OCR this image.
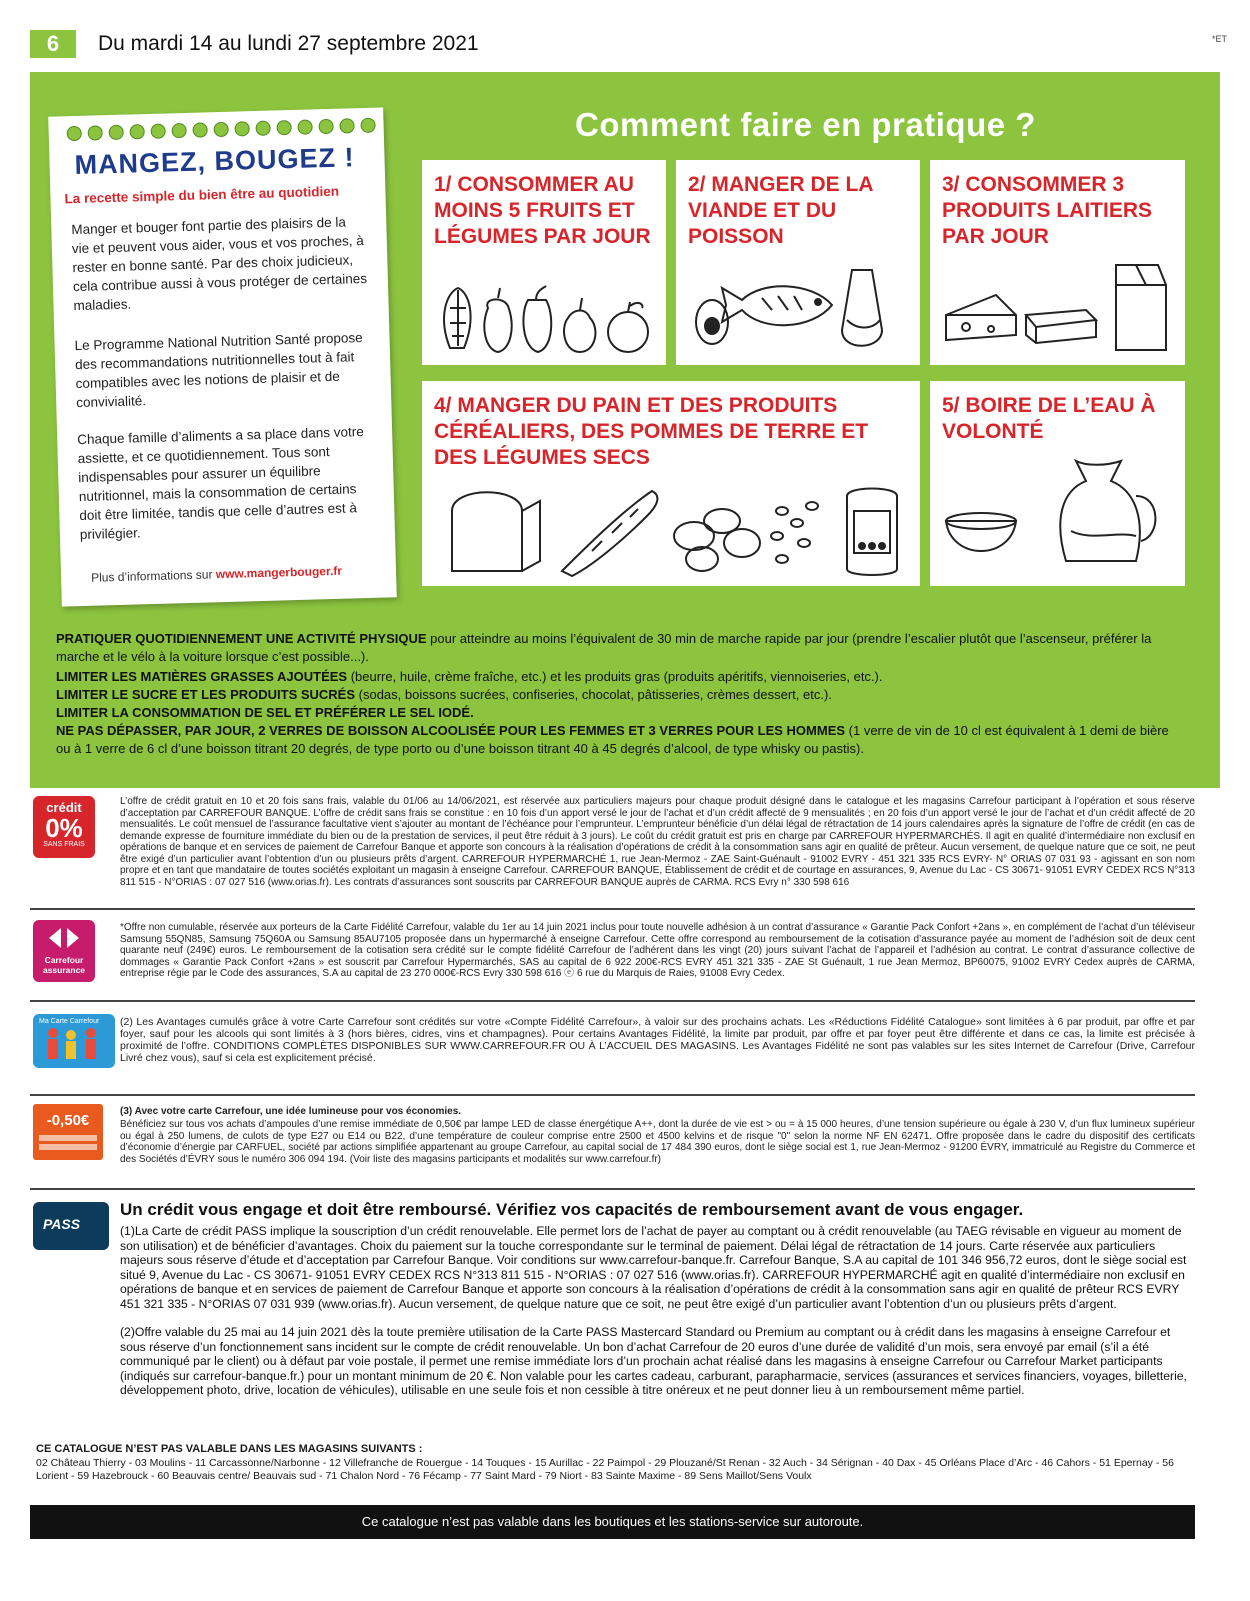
6	Du mardi 14 au lundi 27 septembre 2021	*ET
Comment faire en pratique ?
MANGEZ, BOUGEZ !
La recette simple du bien être au quotidien
Manger et bouger font partie des plaisirs de la vie et peuvent vous aider, vous et vos proches, à rester en bonne santé. Par des choix judicieux, cela contribue aussi à vous protéger de certaines maladies.
Le Programme National Nutrition Santé propose des recommandations nutritionnelles tout à fait compatibles avec les notions de plaisir et de convivialité.
Chaque famille d’aliments a sa place dans votre assiette, et ce quotidiennement. Tous sont indispensables pour assurer un équilibre nutritionnel, mais la consommation de certains doit être limitée, tandis que celle d’autres est à privilégier.
Plus d’informations sur www.mangerbouger.fr
1/ CONSOMMER AU MOINS 5 FRUITS ET LÉGUMES PAR JOUR
2/ MANGER DE LA VIANDE ET DU POISSON
3/ CONSOMMER 3 PRODUITS LAITIERS PAR JOUR
4/ MANGER DU PAIN ET DES PRODUITS CÉRÉALIERS, DES POMMES DE TERRE ET DES LÉGUMES SECS
5/ BOIRE DE L’EAU À VOLONTÉ
PRATIQUER QUOTIDIENNEMENT UNE ACTIVITÉ PHYSIQUE pour atteindre au moins l’équivalent de 30 min de marche rapide par jour (prendre l’escalier plutôt que l’ascenseur, préférer la marche et le vélo à la voiture lorsque c’est possible...).
LIMITER LES MATIÈRES GRASSES AJOUTÉES (beurre, huile, crème fraîche, etc.) et les produits gras (produits apéritifs, viennoiseries, etc.).
LIMITER LE SUCRE ET LES PRODUITS SUCRÉS (sodas, boissons sucrées, confiseries, chocolat, pâtisseries, crèmes dessert, etc.).
LIMITER LA CONSOMMATION DE SEL ET PRÉFÉRER LE SEL IODÉ.
NE PAS DÉPASSER, PAR JOUR, 2 VERRES DE BOISSON ALCOOLISÉE POUR LES FEMMES ET 3 VERRES POUR LES HOMMES (1 verre de vin de 10 cl est équivalent à 1 demi de bière ou à 1 verre de 6 cl d’une boisson titrant 20 degrés, de type porto ou d’une boisson titrant 40 à 45 degrés d’alcool, de type whisky ou pastis).
crédit
0%
SANS FRAIS
L’offre de crédit gratuit en 10 et 20 fois sans frais, valable du 01/06 au 14/06/2021, est réservée aux particuliers majeurs pour chaque produit désigné dans le catalogue et les magasins Carrefour participant à l’opération et sous réserve d’acceptation par CARREFOUR BANQUE. L’offre de crédit sans frais se constitue : en 10 fois d’un apport versé le jour de l’achat et d’un crédit affecté de 9 mensualités ; en 20 fois d’un apport versé le jour de l’achat et d’un crédit affecté de 20 mensualités. Le coût mensuel de l’assurance facultative vient s’ajouter au montant de l’échéance pour l’emprunteur. L’emprunteur bénéficie d’un délai légal de rétractation de 14 jours calendaires après la signature de l’offre de crédit (en cas de demande expresse de fourniture immédiate du bien ou de la prestation de services, il peut être réduit à 3 jours). Le coût du crédit gratuit est pris en charge par CARREFOUR HYPERMARCHÉS. Il agit en qualité d’intermédiaire non exclusif en opérations de banque et en services de paiement de Carrefour Banque et apporte son concours à la réalisation d’opérations de crédit à la consommation sans agir en qualité de prêteur. Aucun versement, de quelque nature que ce soit, ne peut être exigé d’un particulier avant l’obtention d’un ou plusieurs prêts d’argent. CARREFOUR HYPERMARCHÉ 1, rue Jean-Mermoz - ZAE Saint-Guénault - 91002 EVRY - 451 321 335 RCS EVRY- N° ORIAS 07 031 93 - agissant en son nom propre et en tant que mandataire de toutes sociétés exploitant un magasin à enseigne Carrefour. CARREFOUR BANQUE, Établissement de crédit et de courtage en assurances, 9, Avenue du Lac - CS 30671- 91051 EVRY CEDEX RCS N°313 811 515 - N°ORIAS : 07 027 516 (www.orias.fr). Les contrats d’assurances sont souscrits par CARREFOUR BANQUE auprès de CARMA. RCS Evry n° 330 598 616
Carrefour assurance
*Offre non cumulable, réservée aux porteurs de la Carte Fidélité Carrefour, valable du 1er au 14 juin 2021 inclus pour toute nouvelle adhésion à un contrat d’assurance « Garantie Pack Confort +2ans », en complément de l’achat d’un téléviseur Samsung 55QN85, Samsung 75Q60A ou Samsung 85AU7105 proposée dans un hypermarché à enseigne Carrefour. Cette offre correspond au remboursement de la cotisation d’assurance payée au moment de l’adhésion soit de deux cent quarante neuf (249€) euros. Le remboursement de la cotisation sera crédité sur le compte fidélité Carrefour de l’adhérent dans les vingt (20) jours suivant l’achat de l’appareil et l’adhésion au contrat. Le contrat d’assurance collective de dommages « Garantie Pack Confort +2ans » est souscrit par Carrefour Hypermarchés, SAS au capital de 6 922 200€-RCS EVRY 451 321 335 - ZAE St Guénault, 1 rue Jean Mermoz, BP60075, 91002 EVRY Cedex auprès de CARMA, entreprise régie par le Code des assurances, S.A au capital de 23 270 000€-RCS Evry 330 598 616 ⓔ 6 rue du Marquis de Raies, 91008 Evry Cedex.
Ma Carte Carrefour	(2) Les Avantages cumulés grâce à votre Carte Carrefour sont crédités sur votre «Compte Fidélité Carrefour», à valoir sur des prochains achats. Les «Réductions Fidélité Catalogue» sont limitées à 6 par produit, par offre et par foyer, sauf pour les alcools qui sont limités à 3 (hors bières, cidres, vins et champagnes). Pour certains Avantages Fidélité, la limite par produit, par offre et par foyer peut être différente et dans ce cas, la limite est précisée à proximité de l’offre. CONDITIONS COMPLÈTES DISPONIBLES SUR WWW.CARREFOUR.FR OU À L’ACCUEIL DES MAGASINS. Les Avantages Fidélité ne sont pas valables sur les sites Internet de Carrefour (Drive, Carrefour Livré chez vous), sauf si cela est explicitement précisé.
-0,50€
(3) Avec votre carte Carrefour, une idée lumineuse pour vos économies.
Bénéficiez sur tous vos achats d’ampoules d’une remise immédiate de 0,50€ par lampe LED de classe énergétique A++, dont la durée de vie est > ou = à 15 000 heures, d’une tension supérieure ou égale à 230 V, d’un flux lumineux supérieur ou égal à 250 lumens, de culots de type E27 ou E14 ou B22, d’une température de couleur comprise entre 2500 et 4500 kelvins et de risque "0" selon la norme NF EN 62471. Offre proposée dans le cadre du dispositif des certificats d’économie d’énergie par CARFUEL, société par actions simplifiée appartenant au groupe Carrefour, au capital social de 17 484 390 euros, dont le siège social est 1, rue Jean-Mermoz - 91200 ÉVRY, immatriculé au Registre du Commerce et des Sociétés d’ÉVRY sous le numéro 306 094 194. (Voir liste des magasins participants et modalités sur www.carrefour.fr)
PASS
Un crédit vous engage et doit être remboursé. Vérifiez vos capacités de remboursement avant de vous engager.
(1)La Carte de crédit PASS implique la souscription d’un crédit renouvelable. Elle permet lors de l’achat de payer au comptant ou à crédit renouvelable (au TAEG révisable en vigueur au moment de son utilisation) et de bénéficier d’avantages. Choix du paiement sur la touche correspondante sur le terminal de paiement. Délai légal de rétractation de 14 jours. Carte réservée aux particuliers majeurs sous réserve d’étude et d’acceptation par Carrefour Banque. Voir conditions sur www.carrefour-banque.fr. Carrefour Banque, S.A au capital de 101 346 956,72 euros, dont le siège social est situé 9, Avenue du Lac - CS 30671- 91051 EVRY CEDEX RCS N°313 811 515 - N°ORIAS : 07 027 516 (www.orias.fr). CARREFOUR HYPERMARCHÉ agit en qualité d’intermédiaire non exclusif en opérations de banque et en services de paiement de Carrefour Banque et apporte son concours à la réalisation d’opérations de crédit à la consommation sans agir en qualité de prêteur RCS EVRY 451 321 335 - N°ORIAS 07 031 939 (www.orias.fr). Aucun versement, de quelque nature que ce soit, ne peut être exigé d’un particulier avant l’obtention d’un ou plusieurs prêts d’argent.
(2)Offre valable du 25 mai au 14 juin 2021 dès la toute première utilisation de la Carte PASS Mastercard Standard ou Premium au comptant ou à crédit dans les magasins à enseigne Carrefour et sous réserve d’un fonctionnement sans incident sur le compte de crédit renouvelable. Un bon d’achat Carrefour de 20 euros d’une durée de validité d’un mois, sera envoyé par email (s’il a été communiqué par le client) ou à défaut par voie postale, il permet une remise immédiate lors d’un prochain achat réalisé dans les magasins à enseigne Carrefour ou Carrefour Market participants (indiqués sur carrefour-banque.fr.) pour un montant minimum de 20 €. Non valable pour les cartes cadeau, carburant, parapharmacie, services (assurances et services financiers, voyages, billetterie, développement photo, drive, location de véhicules), utilisable en une seule fois et non cessible à titre onéreux et ne peut donner lieu à un remboursement même partiel.
CE CATALOGUE N’EST PAS VALABLE DANS LES MAGASINS SUIVANTS :
02 Château Thierry - 03 Moulins - 11 Carcassonne/Narbonne - 12 Villefranche de Rouergue - 14 Touques - 15 Aurillac - 22 Paimpol - 29 Plouzané/St Renan - 32 Auch - 34 Sérignan - 40 Dax - 45 Orléans Place d’Arc - 46 Cahors - 51 Epernay - 56 Lorient - 59 Hazebrouck - 60 Beauvais centre/ Beauvais sud - 71 Chalon Nord - 76 Fécamp - 77 Saint Mard - 79 Niort - 83 Sainte Maxime - 89 Sens Maillot/Sens Voulx
Ce catalogue n’est pas valable dans les boutiques et les stations-service sur autoroute.
